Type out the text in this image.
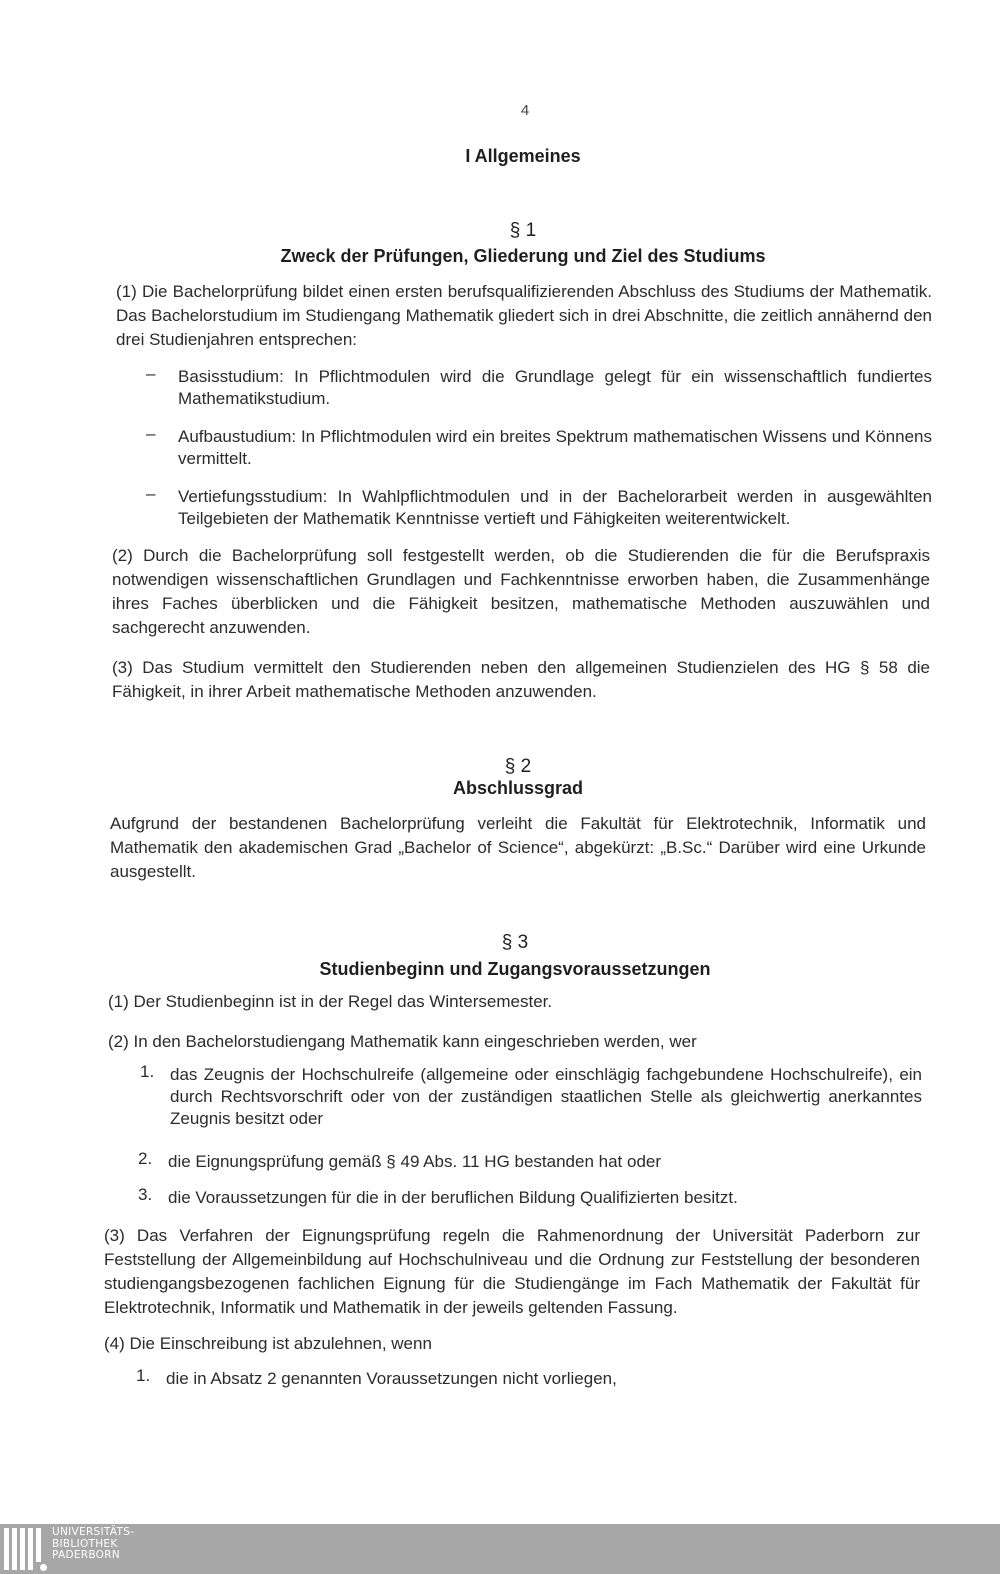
4
I Allgemeines
§ 1
Zweck der Prüfungen, Gliederung und Ziel des Studiums
(1) Die Bachelorprüfung bildet einen ersten berufsqualifizierenden Abschluss des Studiums der Mathematik. Das Bachelorstudium im Studiengang Mathematik gliedert sich in drei Abschnitte, die zeitlich annähernd den drei Studienjahren entsprechen:
– Basisstudium: In Pflichtmodulen wird die Grundlage gelegt für ein wissenschaftlich fundiertes Mathematikstudium.
– Aufbaustudium: In Pflichtmodulen wird ein breites Spektrum mathematischen Wissens und Könnens vermittelt.
– Vertiefungsstudium: In Wahlpflichtmodulen und in der Bachelorarbeit werden in ausgewählten Teilgebieten der Mathematik Kenntnisse vertieft und Fähigkeiten weiterentwickelt.
(2) Durch die Bachelorprüfung soll festgestellt werden, ob die Studierenden die für die Berufspraxis notwendigen wissenschaftlichen Grundlagen und Fachkenntnisse erworben haben, die Zusammenhänge ihres Faches überblicken und die Fähigkeit besitzen, mathematische Methoden auszuwählen und sachgerecht anzuwenden.
(3) Das Studium vermittelt den Studierenden neben den allgemeinen Studienzielen des HG § 58 die Fähigkeit, in ihrer Arbeit mathematische Methoden anzuwenden.
§ 2
Abschlussgrad
Aufgrund der bestandenen Bachelorprüfung verleiht die Fakultät für Elektrotechnik, Informatik und Mathematik den akademischen Grad „Bachelor of Science“, abgekürzt: „B.Sc.“ Darüber wird eine Urkunde ausgestellt.
§ 3
Studienbeginn und Zugangsvoraussetzungen
(1) Der Studienbeginn ist in der Regel das Wintersemester.
(2) In den Bachelorstudiengang Mathematik kann eingeschrieben werden, wer
1. das Zeugnis der Hochschulreife (allgemeine oder einschlägig fachgebundene Hochschulreife), ein durch Rechtsvorschrift oder von der zuständigen staatlichen Stelle als gleichwertig anerkanntes Zeugnis besitzt oder
2. die Eignungsprüfung gemäß § 49 Abs. 11 HG bestanden hat oder
3. die Voraussetzungen für die in der beruflichen Bildung Qualifizierten besitzt.
(3) Das Verfahren der Eignungsprüfung regeln die Rahmenordnung der Universität Paderborn zur Feststellung der Allgemeinbildung auf Hochschulniveau und die Ordnung zur Feststellung der besonderen studiengangsbezogenen fachlichen Eignung für die Studiengänge im Fach Mathematik der Fakultät für Elektrotechnik, Informatik und Mathematik in der jeweils geltenden Fassung.
(4) Die Einschreibung ist abzulehnen, wenn
1. die in Absatz 2 genannten Voraussetzungen nicht vorliegen,
UNIVERSITÄTS-
BIBLIOTHEK
PADERBORN
